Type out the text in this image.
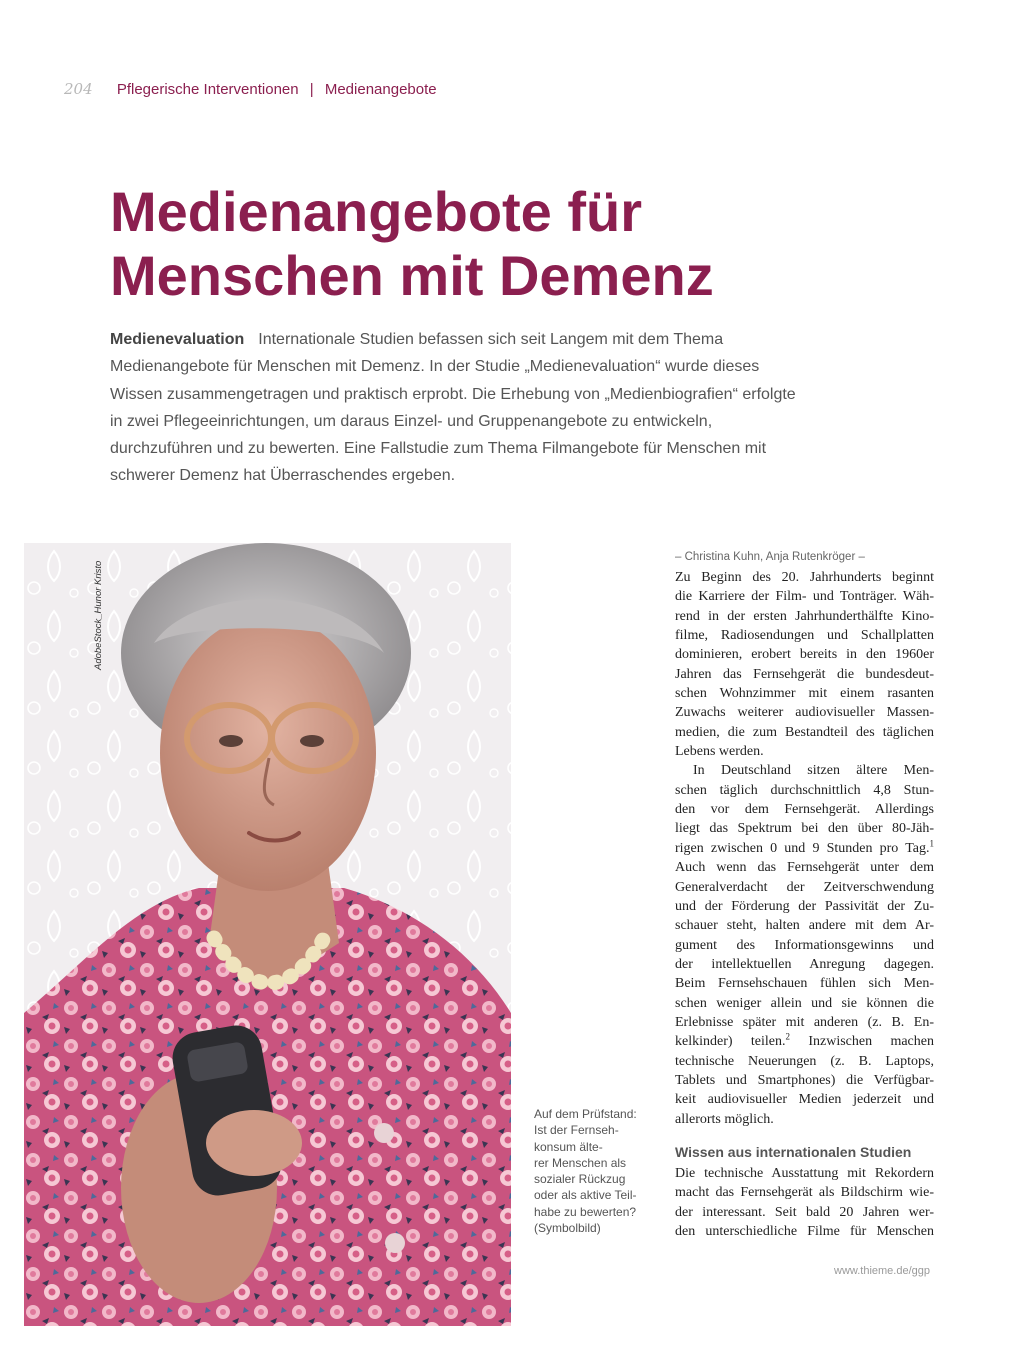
204 Pflegerische Interventionen | Medienangebote
Medienangebote für
Menschen mit Demenz

Medienevaluation Internationale Studien befassen sich seit Langem mit dem Thema Medienangebote für Menschen mit Demenz. In der Studie „Medienevaluation“ wurde dieses Wissen zusammengetragen und praktisch erprobt. Die Erhebung von „Medienbiografien“ erfolgte in zwei Pflegeeinrichtungen, um daraus Einzel- und Gruppenangebote zu entwickeln, durchzuführen und zu bewerten. Eine Fallstudie zum Thema Filmangebote für Menschen mit schwerer Demenz hat Überraschendes ergeben.

AdobeStock_Hunor Kristo
Auf dem Prüfstand:
Ist der Fernseh-
konsum älte-
rer Menschen als
sozialer Rückzug
oder als aktive Teil-
habe zu bewerten?
(Symbolbild)
– Christina Kuhn, Anja Rutenkröger –
Zu Beginn des 20. Jahrhunderts beginnt
die Karriere der Film- und Tonträger. Wäh-
rend in der ersten Jahrhunderthälfte Kino-
filme, Radiosendungen und Schallplatten
dominieren, erobert bereits in den 1960er
Jahren das Fernsehgerät die bundesdeut-
schen Wohnzimmer mit einem rasanten
Zuwachs weiterer audiovisueller Massen-
medien, die zum Bestandteil des täglichen
Lebens werden.
In Deutschland sitzen ältere Men-
schen täglich durchschnittlich 4,8 Stun-
den vor dem Fernsehgerät. Allerdings
liegt das Spektrum bei den über 80-Jäh-
rigen zwischen 0 und 9 Stunden pro Tag.$^1$
Auch wenn das Fernsehgerät unter dem
Generalverdacht der Zeitverschwendung
und der Förderung der Passivität der Zu-
schauer steht, halten andere mit dem Ar-
gument des Informationsgewinns und
der intellektuellen Anregung dagegen.
Beim Fernsehschauen fühlen sich Men-
schen weniger allein und sie können die
Erlebnisse später mit anderen (z. B. En-
kelkinder) teilen.$^2$ Inzwischen machen
technische Neuerungen (z. B. Laptops,
Tablets und Smartphones) die Verfügbar-
keit audiovisueller Medien jederzeit und
allerorts möglich.
Wissen aus internationalen Studien
Die technische Ausstattung mit Rekordern
macht das Fernsehgerät als Bildschirm wie-
der interessant. Seit bald 20 Jahren wer-
den unterschiedliche Filme für Menschen
www.thieme.de/ggp
